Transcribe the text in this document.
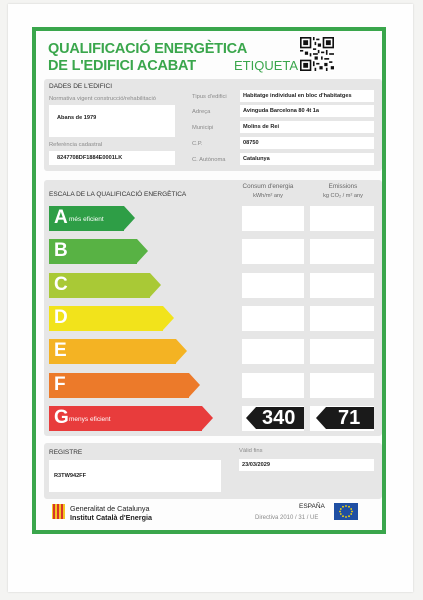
QUALIFICACIÓ ENERGÈTICA
DE L'EDIFICI ACABAT	ETIQUETA
DADES DE L'EDIFICI
Normativa vigent construcció/rehabilitació
Abans de 1979
Referència cadastral
8247708DF1884E0001LK
Tipus d'edifici	Habitatge individual en bloc d'habitatges
Adreça	Avinguda Barcelona 80 4t 1a
Municipi	Molins de Rei
C.P.	08750
C. Autònoma	Catalunya
ESCALA DE LA QUALIFICACIÓ ENERGÈTICA
Consum d'energia
kWh/m² any
Emissions
kg CO₂ / m² any
A més eficient
B
C
D
E
F
G menys eficient	340 71
REGISTRE
R3TW942FF
Vàlid fins
23/03/2029
Generalitat de Catalunya
Institut Català d'Energia
ESPAÑA
Directiva 2010 / 31 / UE
